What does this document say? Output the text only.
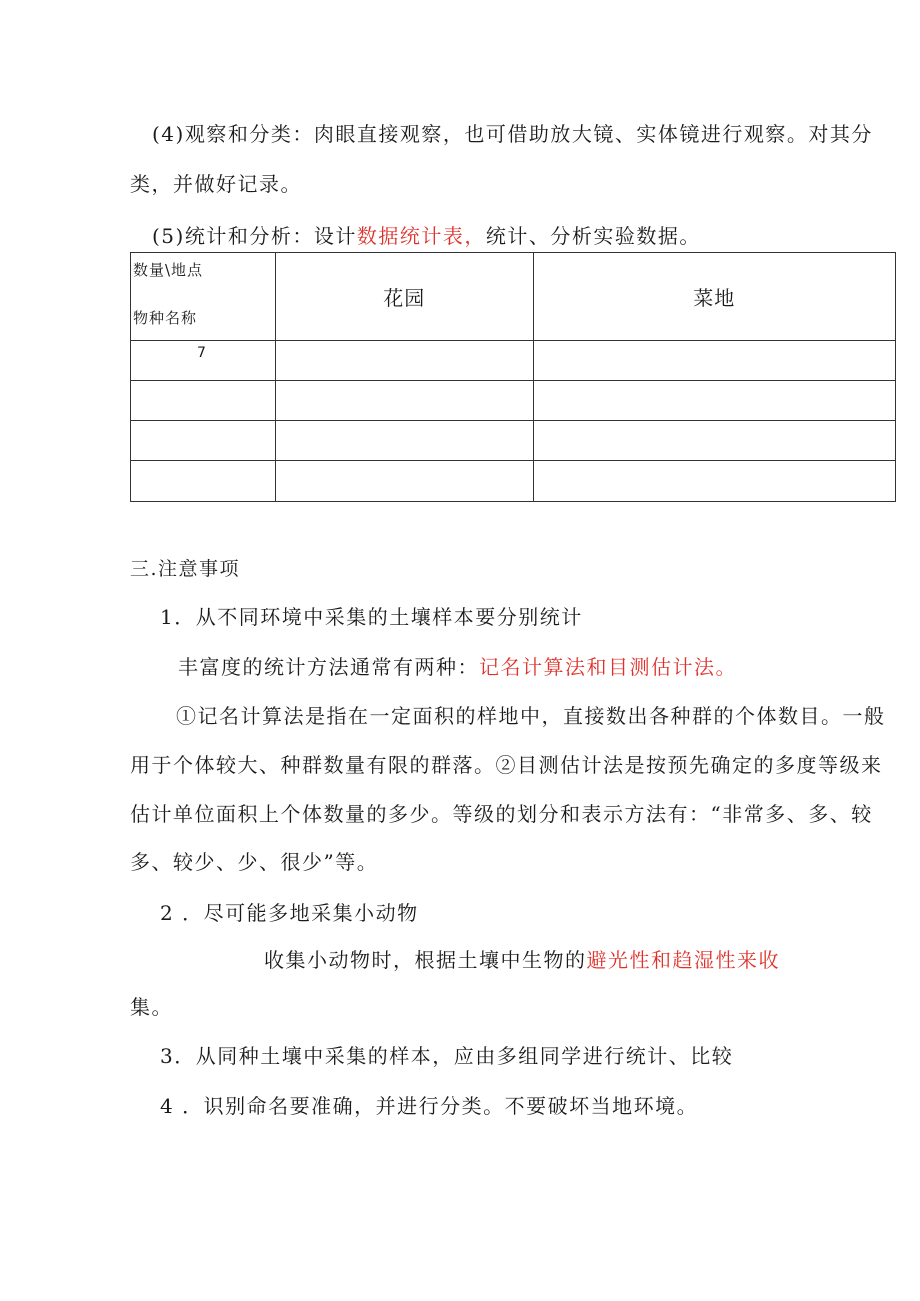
(4)观察和分类：肉眼直接观察，也可借助放大镜、实体镜进行观察。对其分
类，并做好记录。
(5)统计和分析：设计数据统计表，统计、分析实验数据。
数量\地点
物种名称	花园	菜地
7		

三.注意事项
1．从不同环境中采集的土壤样本要分别统计
丰富度的统计方法通常有两种：记名计算法和目测估计法。
①记名计算法是指在一定面积的样地中，直接数出各种群的个体数目。一般
用于个体较大、种群数量有限的群落。②目测估计法是按预先确定的多度等级来
估计单位面积上个体数量的多少。等级的划分和表示方法有：“非常多、多、较
多、较少、少、很少”等。
2 ．尽可能多地采集小动物
收集小动物时，根据土壤中生物的避光性和趋湿性来收
集。
3．从同种土壤中采集的样本，应由多组同学进行统计、比较
4 ．识别命名要准确，并进行分类。不要破坏当地环境。
